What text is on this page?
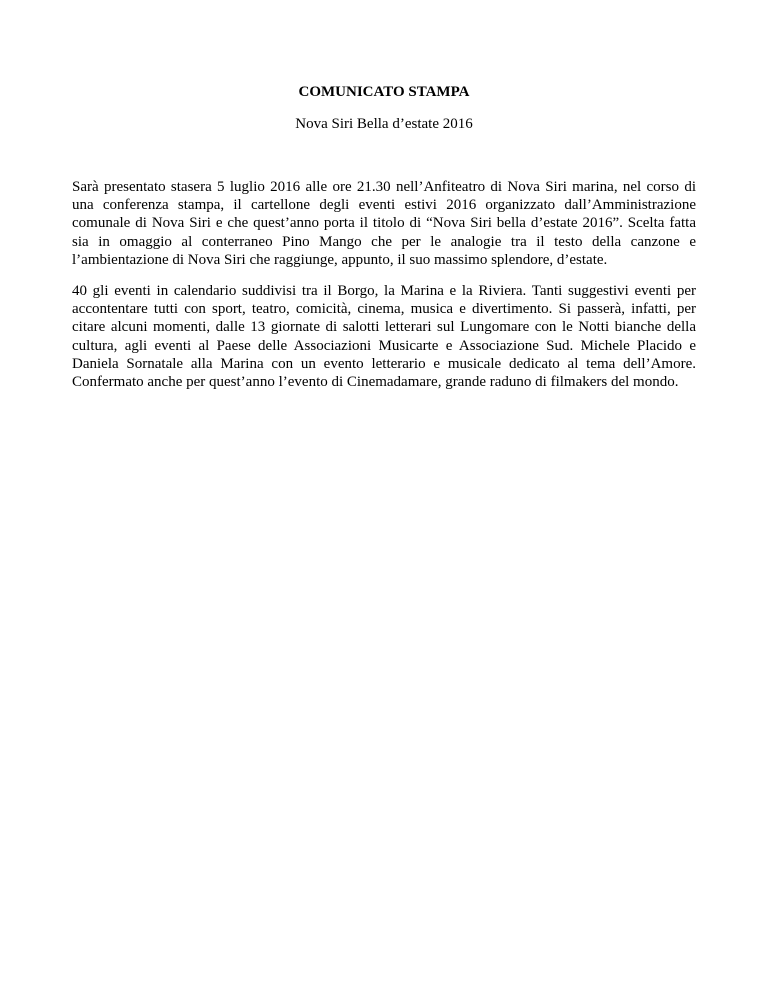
COMUNICATO STAMPA

Nova Siri Bella d’estate 2016

Sarà presentato stasera 5 luglio 2016 alle ore 21.30 nell’Anfiteatro di Nova Siri marina, nel corso di una conferenza stampa, il cartellone degli eventi estivi 2016 organizzato dall’Amministrazione comunale di Nova Siri e che quest’anno porta il titolo di “Nova Siri bella d’estate 2016”. Scelta fatta sia in omaggio al conterraneo Pino Mango che per le analogie tra il testo della canzone e l’ambientazione di Nova Siri che raggiunge, appunto, il suo massimo splendore, d’estate.

40 gli eventi in calendario suddivisi tra il Borgo, la Marina e la Riviera. Tanti suggestivi eventi per accontentare tutti con sport, teatro, comicità, cinema, musica e divertimento. Si passerà, infatti, per citare alcuni momenti, dalle 13 giornate di salotti letterari sul Lungomare con le Notti bianche della cultura, agli eventi al Paese delle Associazioni Musicarte e Associazione Sud. Michele Placido e Daniela Sornatale alla Marina con un evento letterario e musicale dedicato al tema dell’Amore. Confermato anche per quest’anno l’evento di Cinemadamare, grande raduno di filmakers del mondo.
